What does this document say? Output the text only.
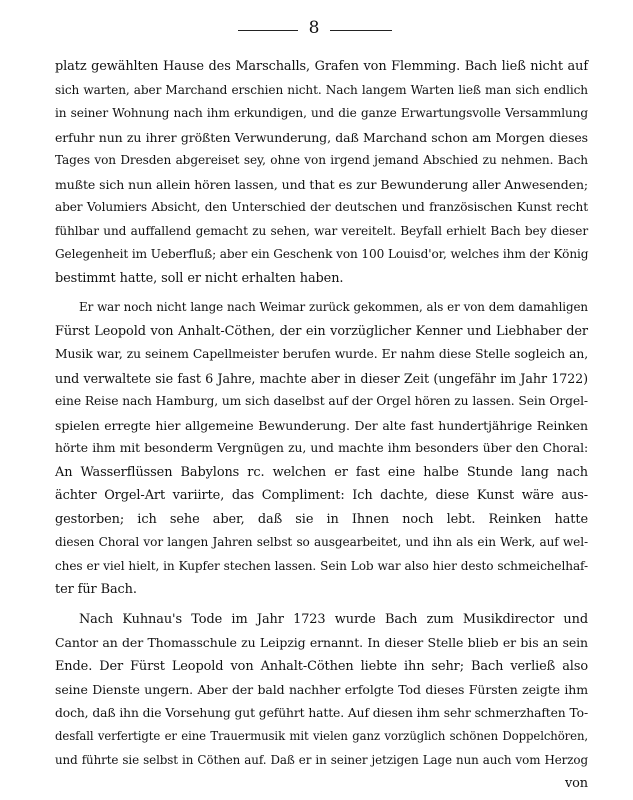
8
platz gewählten Hause des Marschalls, Grafen von Flemming. Bach ließ nicht auf
sich warten, aber Marchand erschien nicht. Nach langem Warten ließ man sich endlich
in seiner Wohnung nach ihm erkundigen, und die ganze Erwartungsvolle Versammlung
erfuhr nun zu ihrer größten Verwunderung, daß Marchand schon am Morgen dieses
Tages von Dresden abgereiset sey, ohne von irgend jemand Abschied zu nehmen. Bach
mußte sich nun allein hören lassen, und that es zur Bewunderung aller Anwesenden;
aber Volumiers Absicht, den Unterschied der deutschen und französischen Kunst recht
fühlbar und auffallend gemacht zu sehen, war vereitelt. Beyfall erhielt Bach bey dieser
Gelegenheit im Ueberfluß; aber ein Geschenk von 100 Louisd'or, welches ihm der König
bestimmt hatte, soll er nicht erhalten haben.
Er war noch nicht lange nach Weimar zurück gekommen, als er von dem damahligen
Fürst Leopold von Anhalt-Cöthen, der ein vorzüglicher Kenner und Liebhaber der
Musik war, zu seinem Capellmeister berufen wurde. Er nahm diese Stelle sogleich an,
und verwaltete sie fast 6 Jahre, machte aber in dieser Zeit (ungefähr im Jahr 1722)
eine Reise nach Hamburg, um sich daselbst auf der Orgel hören zu lassen. Sein Orgel-
spielen erregte hier allgemeine Bewunderung. Der alte fast hundertjährige Reinken
hörte ihm mit besonderm Vergnügen zu, und machte ihm besonders über den Choral:
An Wasserflüssen Babylons rc. welchen er fast eine halbe Stunde lang nach
ächter Orgel-Art variirte, das Compliment: Ich dachte, diese Kunst wäre aus-
gestorben; ich sehe aber, daß sie in Ihnen noch lebt. Reinken hatte
diesen Choral vor langen Jahren selbst so ausgearbeitet, und ihn als ein Werk, auf wel-
ches er viel hielt, in Kupfer stechen lassen. Sein Lob war also hier desto schmeichelhaf-
ter für Bach.
Nach Kuhnau's Tode im Jahr 1723 wurde Bach zum Musikdirector und
Cantor an der Thomasschule zu Leipzig ernannt. In dieser Stelle blieb er bis an sein
Ende. Der Fürst Leopold von Anhalt-Cöthen liebte ihn sehr; Bach verließ also
seine Dienste ungern. Aber der bald nachher erfolgte Tod dieses Fürsten zeigte ihm
doch, daß ihn die Vorsehung gut geführt hatte. Auf diesen ihm sehr schmerzhaften To-
desfall verfertigte er eine Trauermusik mit vielen ganz vorzüglich schönen Doppelchören,
und führte sie selbst in Cöthen auf. Daß er in seiner jetzigen Lage nun auch vom Herzog
von
